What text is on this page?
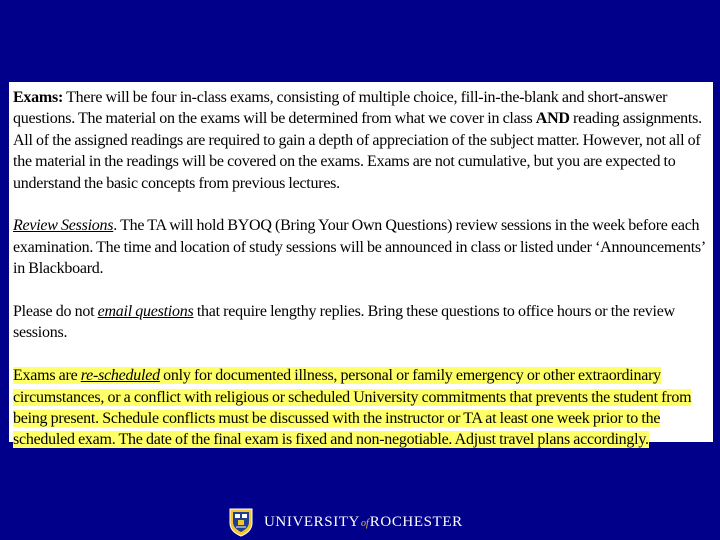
Exams: There will be four in-class exams, consisting of multiple choice, fill-in-the-blank and short-answer questions. The material on the exams will be determined from what we cover in class AND reading assignments. All of the assigned readings are required to gain a depth of appreciation of the subject matter. However, not all of the material in the readings will be covered on the exams. Exams are not cumulative, but you are expected to understand the basic concepts from previous lectures.

Review Sessions. The TA will hold BYOQ (Bring Your Own Questions) review sessions in the week before each examination. The time and location of study sessions will be announced in class or listed under ‘Announcements’ in Blackboard.

Please do not email questions that require lengthy replies. Bring these questions to office hours or the review sessions.

Exams are re-scheduled only for documented illness, personal or family emergency or other extraordinary circumstances, or a conflict with religious or scheduled University commitments that prevents the student from being present. Schedule conflicts must be discussed with the instructor or TA at least one week prior to the scheduled exam. The date of the final exam is fixed and non-negotiable. Adjust travel plans accordingly.

UNIVERSITY of ROCHESTER
